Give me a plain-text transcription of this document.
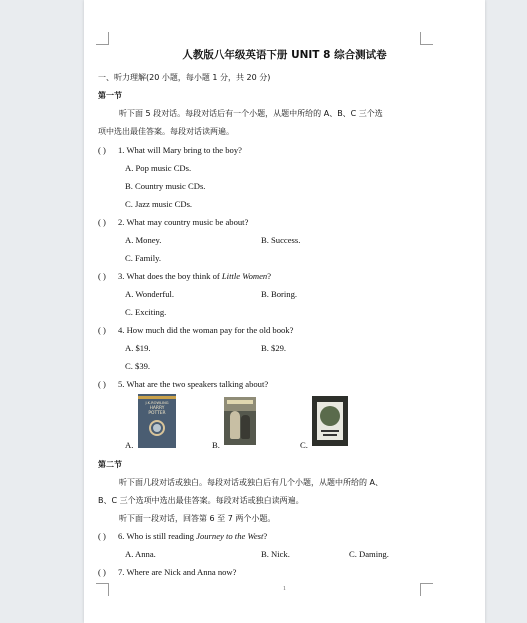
人教版八年级英语下册 UNIT 8 综合测试卷
一、听力理解(20 小题，每小题 1 分，共 20 分)
第一节
听下面 5 段对话。每段对话后有一个小题，从题中所给的 A、B、C 三个选
项中选出最佳答案。每段对话读两遍。
( ) 1. What will Mary bring to the boy?
A. Pop music CDs.
B. Country music CDs.
C. Jazz music CDs.
( ) 2. What may country music be about?
A. Money.	B. Success.
C. Family.
( ) 3. What does the boy think of Little Women?
A. Wonderful.	B. Boring.
C. Exciting.
( ) 4. How much did the woman pay for the old book?
A. $19.	B. $29.
C. $39.
( ) 5. What are the two speakers talking about?
A.
J.K.ROWLING
HARRY
POTTER
B.	C.
第二节
听下面几段对话或独白。每段对话或独白后有几个小题，从题中所给的 A、
B、C 三个选项中选出最佳答案。每段对话或独白读两遍。
听下面一段对话，回答第 6 至 7 两个小题。
( ) 6. Who is still reading Journey to the West?
A. Anna.	B. Nick.	C. Daming.
( ) 7. Where are Nick and Anna now?
1
